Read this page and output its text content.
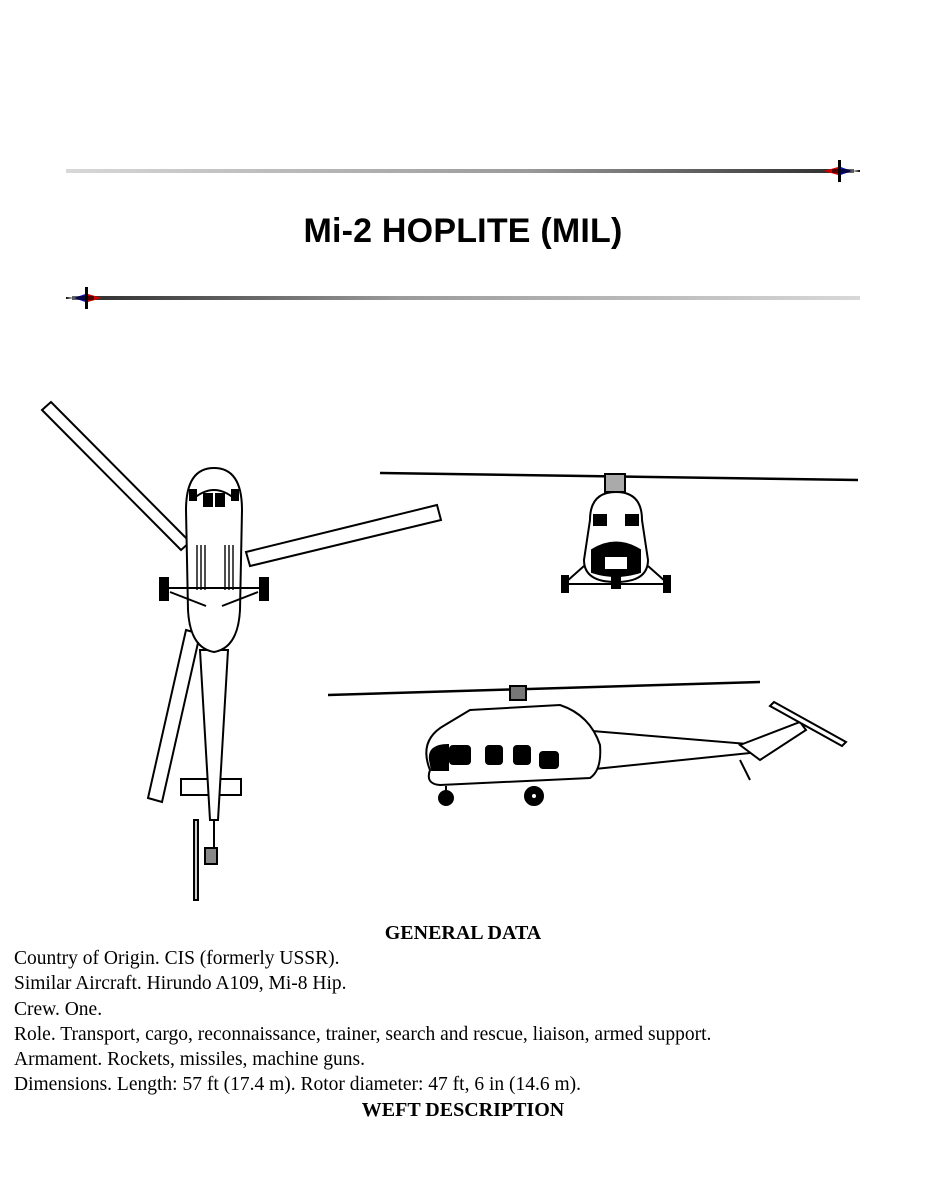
Mi-2 HOPLITE (MIL)
GENERAL DATA
Country of Origin. CIS (formerly USSR).
Similar Aircraft. Hirundo A109, Mi-8 Hip.
Crew. One.
Role. Transport, cargo, reconnaissance, trainer, search and rescue, liaison, armed support.
Armament. Rockets, missiles, machine guns.
Dimensions. Length: 57 ft (17.4 m). Rotor diameter: 47 ft, 6 in (14.6 m).
WEFT DESCRIPTION
